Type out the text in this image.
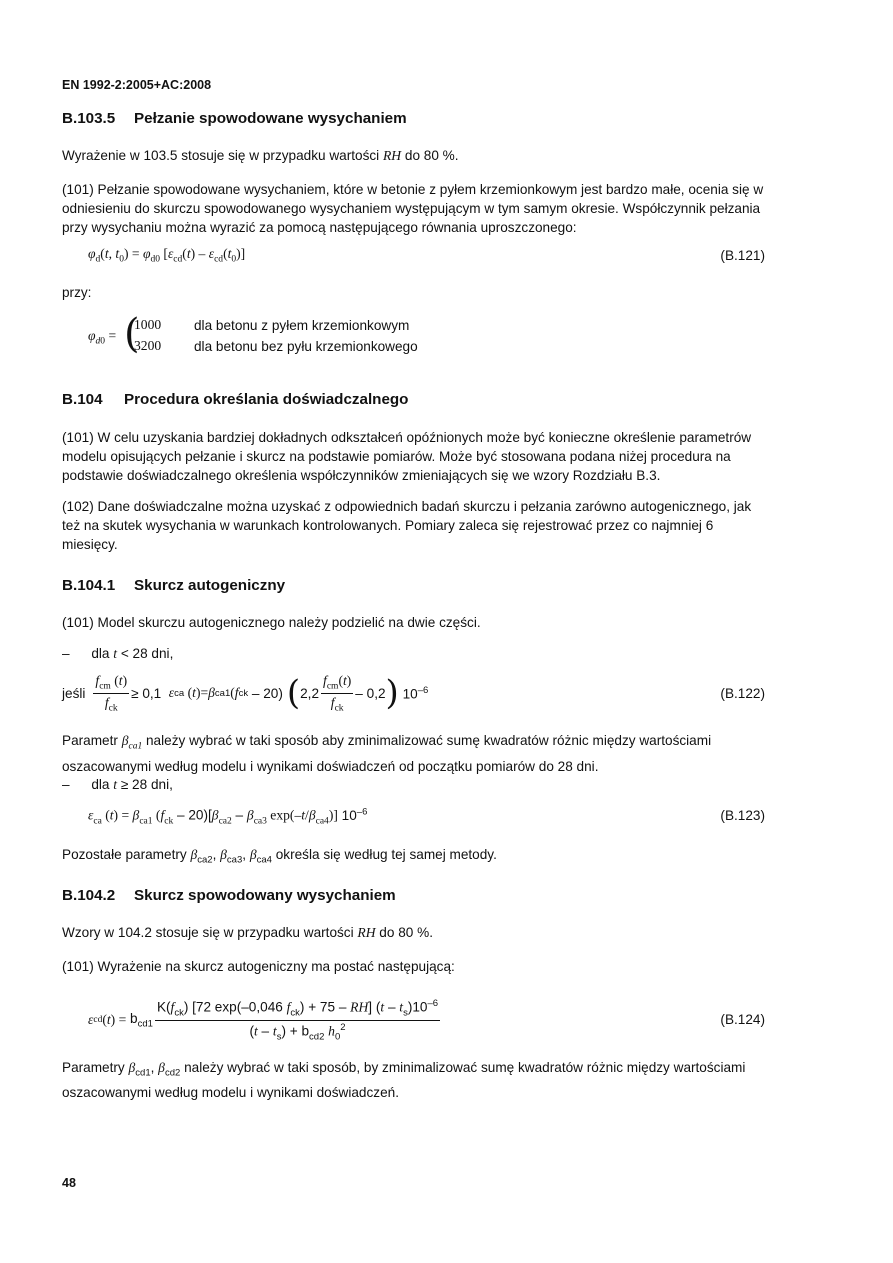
EN 1992-2:2005+AC:2008
B.103.5 Pełzanie spowodowane wysychaniem

Wyrażenie w 103.5 stosuje się w przypadku wartości RH do 80 %.

(101) Pełzanie spowodowane wysychaniem, które w betonie z pyłem krzemionkowym jest bardzo małe, ocenia się w odniesieniu do skurczu spowodowanego wysychaniem występującym w tym samym okresie. Współczynnik pełzania przy wysychaniu można wyrazić za pomocą następującego równania uproszczonego:

$\varphi_d(t$, $t_0) = \varphi_{d0}$ $[\varepsilon_{cd}(t) - \varepsilon_{cd}(t_0)]$	(B.121)
przy:
$\varphi_{d0}$ = (
1000
3200
dla betonu z pyłem krzemionkowym
dla betonu bez pyłu krzemionkowego
B.104 Procedura określania doświadczalnego

(101) W celu uzyskania bardziej dokładnych odkształceń opóźnionych może być konieczne określenie parametrów modelu opisujących pełzanie i skurcz na podstawie pomiarów. Może być stosowana podana niżej procedura na podstawie doświadczalnego określenia współczynników zmieniających się we wzory Rozdziału B.3.

(102) Dane doświadczalne można uzyskać z odpowiednich badań skurczu i pełzania zarówno autogenicznego, jak też na skutek wysychania w warunkach kontrolowanych. Pomiary zaleca się rejestrować przez co najmniej 6 miesięcy.

B.104.1 Skurcz autogeniczny

(101) Model skurczu autogenicznego należy podzielić na dwie części.

– dla t < 28 dni,
jeśli $\frac{f_{cm} (t)}{f_{ck}} \ge 0,1$ ε ca ( t )= β ca1 ( f ck – 20) ( $2,2 \frac{f_{cm}(t)}{f_{ck}} - 0,2$ ) $10^{-6}$	(B.122)

Parametr $\beta_{ca1}$ należy wybrać w taki sposób aby zminimalizować sumę kwadratów różnic między wartościami oszacowanymi według modelu i wynikami doświadczeń od początku pomiarów do 28 dni.

– dla t ≥ 28 dni,
$\varepsilon_{ca}$ $(t) = \beta_{ca1}$ $(f_{ck} - 20)[\beta_{ca2} - \beta_{ca3}$ $\exp(-t/\beta_{ca4})$] $10^{-6}$	(B.123)

Pozostałe parametry $\beta_{ca2}$, $\beta_{ca3}$, $\beta_{ca4}$ określa się według tej samej metody.

B.104.2 Skurcz spowodowany wysychaniem

Wzory w 104.2 stosuje się w przypadku wartości RH do 80 %.

(101) Wyrażenie na skurcz autogeniczny ma postać następującą:

ε cd ( t ) = $b_{cd1} \frac{K(f_{ck}) [72 \exp(-0,046 f_{ck}) + 75 - RH] (t - t_s)10^{-6}}{(t - t_s) + b_{cd2} h_0^2}$	(B.124)

Parametry $\beta_{cd1}$, $\beta_{cd2}$ należy wybrać w taki sposób, by zminimalizować sumę kwadratów różnic między wartościami oszacowanymi według modelu i wynikami doświadczeń.

48
